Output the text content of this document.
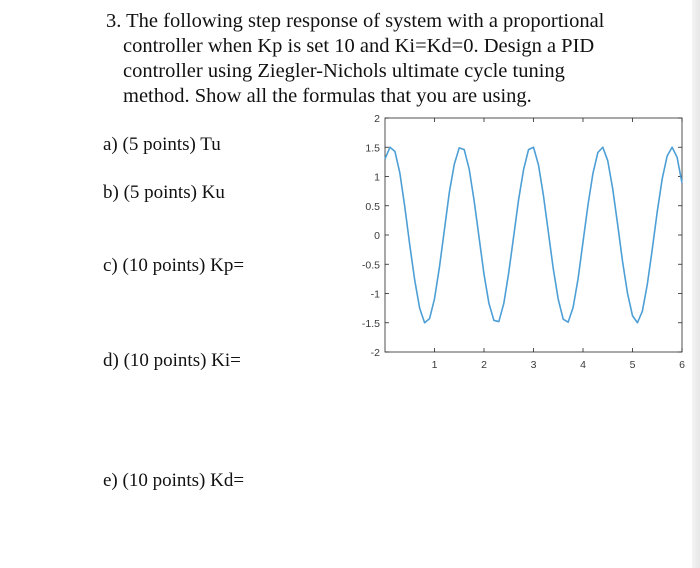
3. The following step response of system with a proportional
controller when Kp is set 10 and Ki=Kd=0. Design a PID
controller using Ziegler-Nichols ultimate cycle tuning
method. Show all the formulas that you are using.
a) (5 points) Tu
b) (5 points) Ku
c) (10 points) Kp=
d) (10 points) Ki=
e) (10 points) Kd=
2
1.5
1
0.5
0
-0.5
-1
-1.5
-2
1	2	3	4	5	6
